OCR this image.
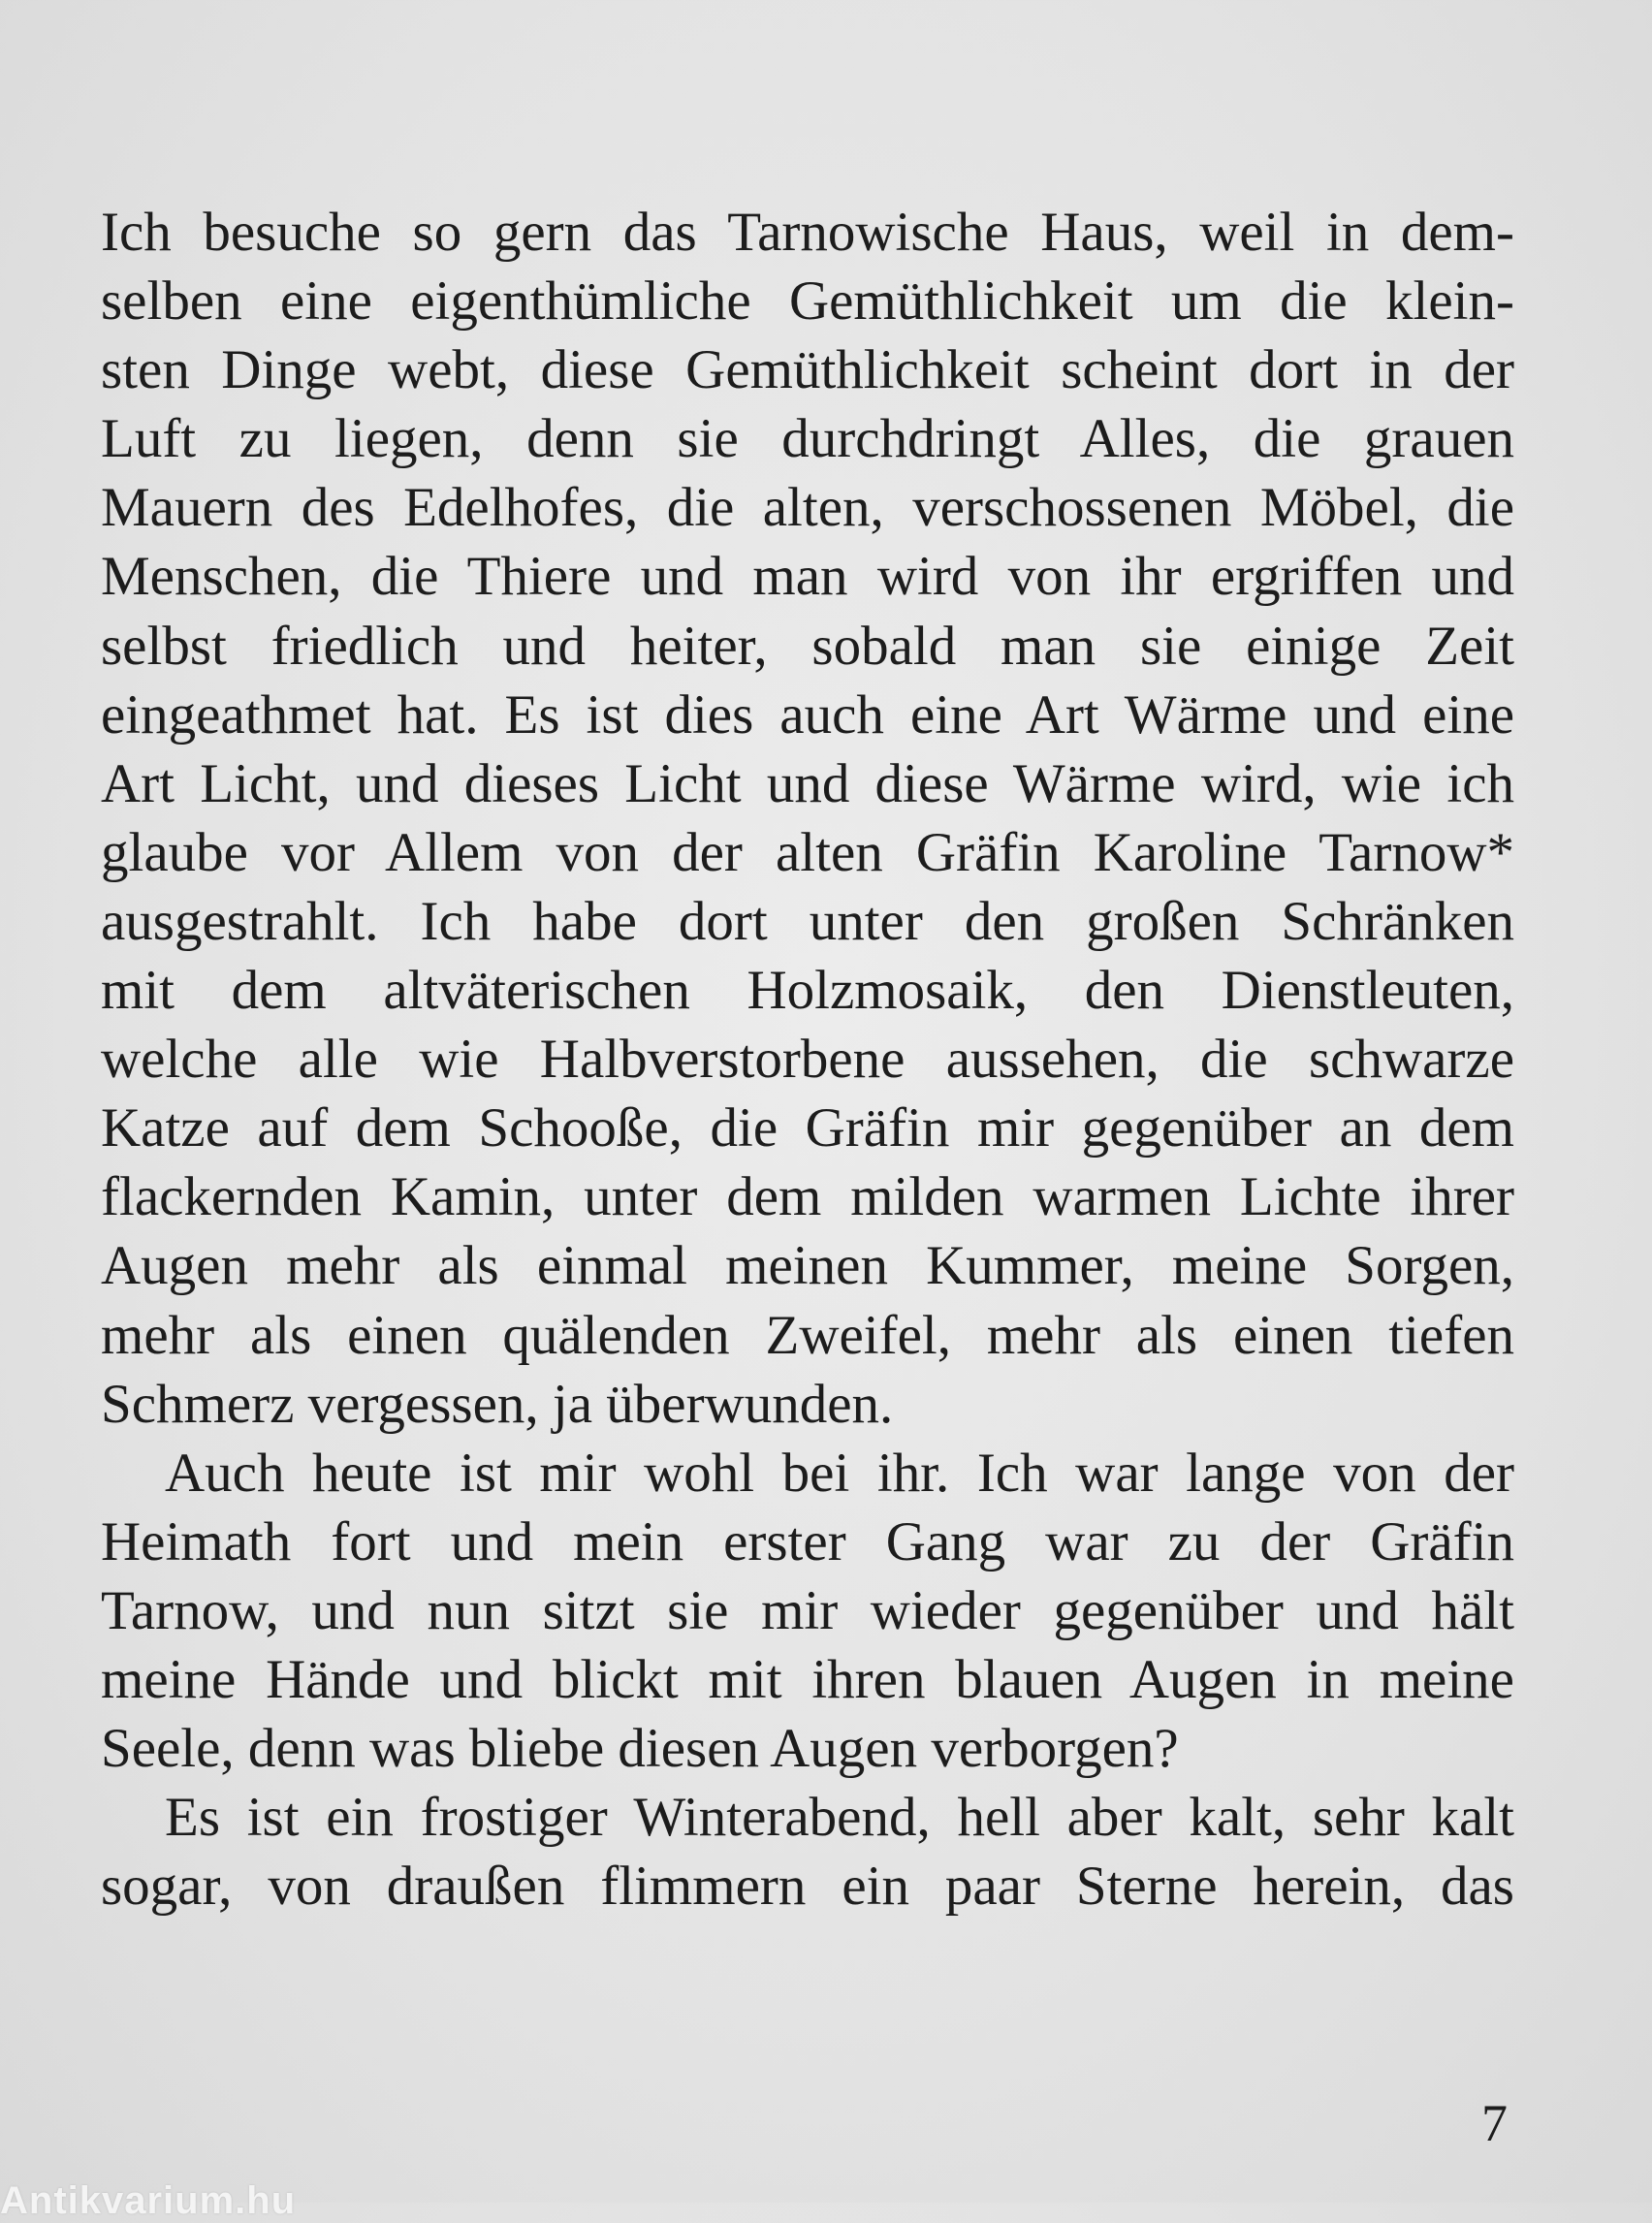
Ich besuche so gern das Tarnowische Haus, weil in dem-
selben eine eigenthümliche Gemüthlichkeit um die klein-
sten Dinge webt, diese Gemüthlichkeit scheint dort in der
Luft zu liegen, denn sie durchdringt Alles, die grauen
Mauern des Edelhofes, die alten, verschossenen Möbel, die
Menschen, die Thiere und man wird von ihr ergriffen und
selbst friedlich und heiter, sobald man sie einige Zeit
eingeathmet hat. Es ist dies auch eine Art Wärme und eine
Art Licht, und dieses Licht und diese Wärme wird, wie ich
glaube vor Allem von der alten Gräfin Karoline Tarnow*
ausgestrahlt. Ich habe dort unter den großen Schränken
mit dem altväterischen Holzmosaik, den Dienstleuten,
welche alle wie Halbverstorbene aussehen, die schwarze
Katze auf dem Schooße, die Gräfin mir gegenüber an dem
flackernden Kamin, unter dem milden warmen Lichte ihrer
Augen mehr als einmal meinen Kummer, meine Sorgen,
mehr als einen quälenden Zweifel, mehr als einen tiefen
Schmerz vergessen, ja überwunden.
Auch heute ist mir wohl bei ihr. Ich war lange von der
Heimath fort und mein erster Gang war zu der Gräfin
Tarnow, und nun sitzt sie mir wieder gegenüber und hält
meine Hände und blickt mit ihren blauen Augen in meine
Seele, denn was bliebe diesen Augen verborgen?
Es ist ein frostiger Winterabend, hell aber kalt, sehr kalt
sogar, von draußen flimmern ein paar Sterne herein, das
7
Antikvarium.hu
